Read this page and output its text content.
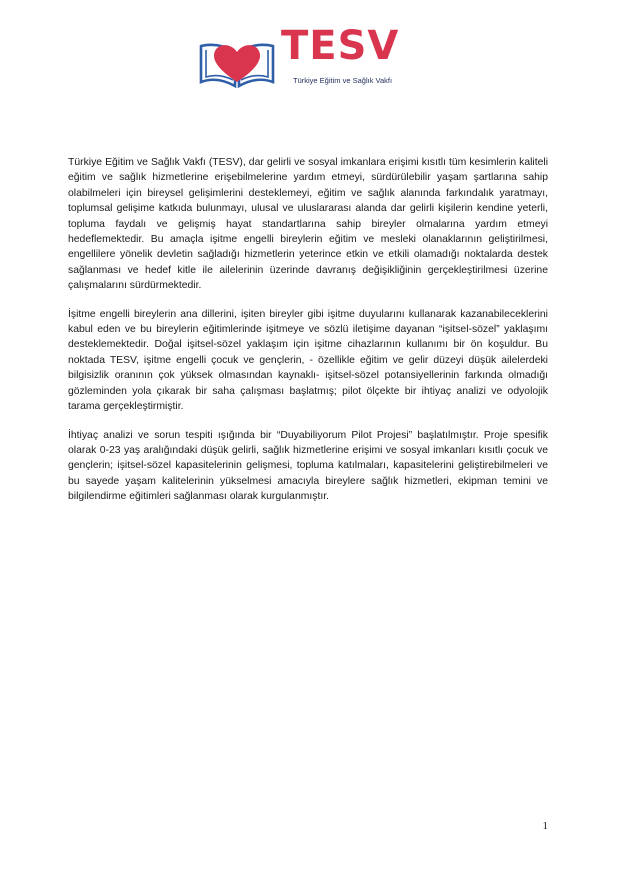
TESV
Türkiye Eğitim ve Sağlık Vakfı

Türkiye Eğitim ve Sağlık Vakfı (TESV), dar gelirli ve sosyal imkanlara erişimi kısıtlı tüm kesimlerin kaliteli eğitim ve sağlık hizmetlerine erişebilmelerine yardım etmeyi, sürdürülebilir yaşam şartlarına sahip olabilmeleri için bireysel gelişimlerini desteklemeyi, eğitim ve sağlık alanında farkındalık yaratmayı, toplumsal gelişime katkıda bulunmayı, ulusal ve uluslararası alanda dar gelirli kişilerin kendine yeterli, topluma faydalı ve gelişmiş hayat standartlarına sahip bireyler olmalarına yardım etmeyi hedeflemektedir. Bu amaçla işitme engelli bireylerin eğitim ve mesleki olanaklarının geliştirilmesi, engellilere yönelik devletin sağladığı hizmetlerin yeterince etkin ve etkili olamadığı noktalarda destek sağlanması ve hedef kitle ile ailelerinin üzerinde davranış değişikliğinin gerçekleştirilmesi üzerine çalışmalarını sürdürmektedir.

İşitme engelli bireylerin ana dillerini, işiten bireyler gibi işitme duyularını kullanarak kazanabileceklerini kabul eden ve bu bireylerin eğitimlerinde işitmeye ve sözlü iletişime dayanan “işitsel-sözel” yaklaşımı desteklemektedir. Doğal işitsel-sözel yaklaşım için işitme cihazlarının kullanımı bir ön koşuldur. Bu noktada TESV, işitme engelli çocuk ve gençlerin, - özellikle eğitim ve gelir düzeyi düşük ailelerdeki bilgisizlik oranının çok yüksek olmasından kaynaklı- işitsel-sözel potansiyellerinin farkında olmadığı gözleminden yola çıkarak bir saha çalışması başlatmış; pilot ölçekte bir ihtiyaç analizi ve odyolojik tarama gerçekleştirmiştir.

İhtiyaç analizi ve sorun tespiti ışığında bir “Duyabiliyorum Pilot Projesi” başlatılmıştır. Proje spesifik olarak 0-23 yaş aralığındaki düşük gelirli, sağlık hizmetlerine erişimi ve sosyal imkanları kısıtlı çocuk ve gençlerin; işitsel-sözel kapasitelerinin gelişmesi, topluma katılmaları, kapasitelerini geliştirebilmeleri ve bu sayede yaşam kalitelerinin yükselmesi amacıyla bireylere sağlık hizmetleri, ekipman temini ve bilgilendirme eğitimleri sağlanması olarak kurgulanmıştır.

1
